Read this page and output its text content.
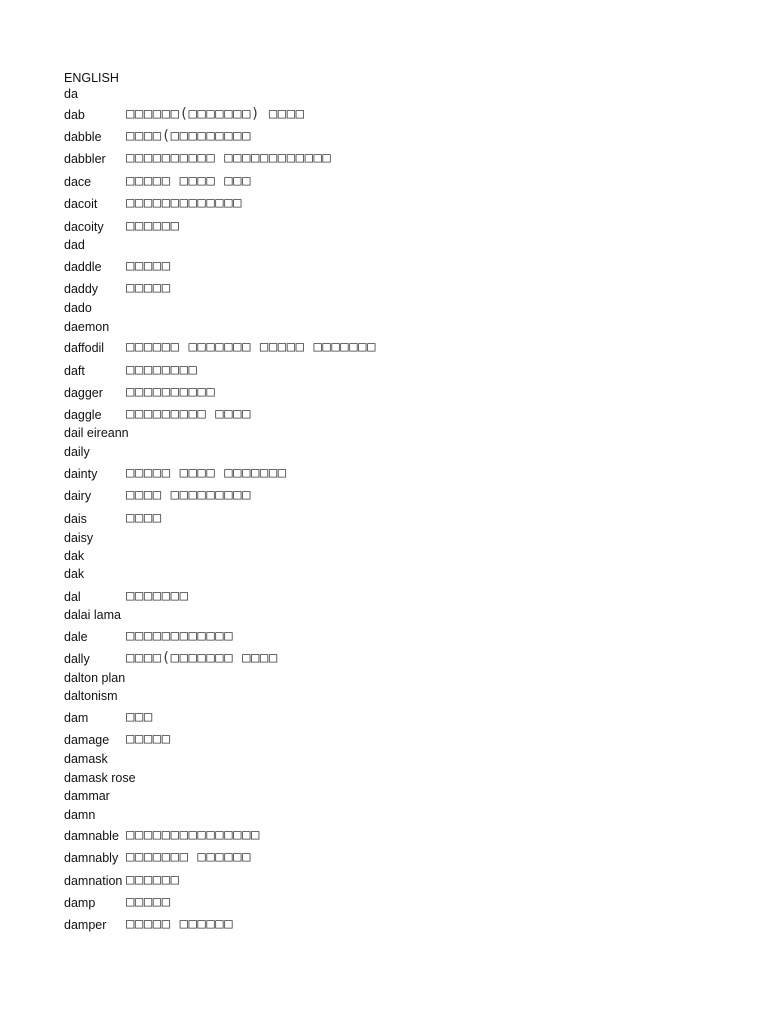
ENGLISH
da
dab	□□□□□□(□□□□□□□) □□□□
dabble □□□□(□□□□□□□□□
dabbler □□□□□□□□□□ □□□□□□□□□□□□
dace □□□□□ □□□□ □□□
dacoit □□□□□□□□□□□□□
dacoity □□□□□□
dad
daddle □□□□□
daddy □□□□□
dado
daemon
daffodil □□□□□□ □□□□□□□ □□□□□ □□□□□□□
daft	□□□□□□□□
dagger □□□□□□□□□□
daggle □□□□□□□□□ □□□□
dail eireann
daily
dainty □□□□□ □□□□ □□□□□□□
dairy □□□□ □□□□□□□□□
dais	□□□□
daisy
dak
dak
dal	□□□□□□□
dalai lama
dale	□□□□□□□□□□□□
dally	□□□□(□□□□□□□ □□□□
dalton plan
daltonism
dam	□□□
damage □□□□□
damask
damask rose
dammar
damn
damnable □□□□□□□□□□□□□□□
damnably □□□□□□□ □□□□□□
damnation □□□□□□
damp □□□□□
damper □□□□□ □□□□□□
